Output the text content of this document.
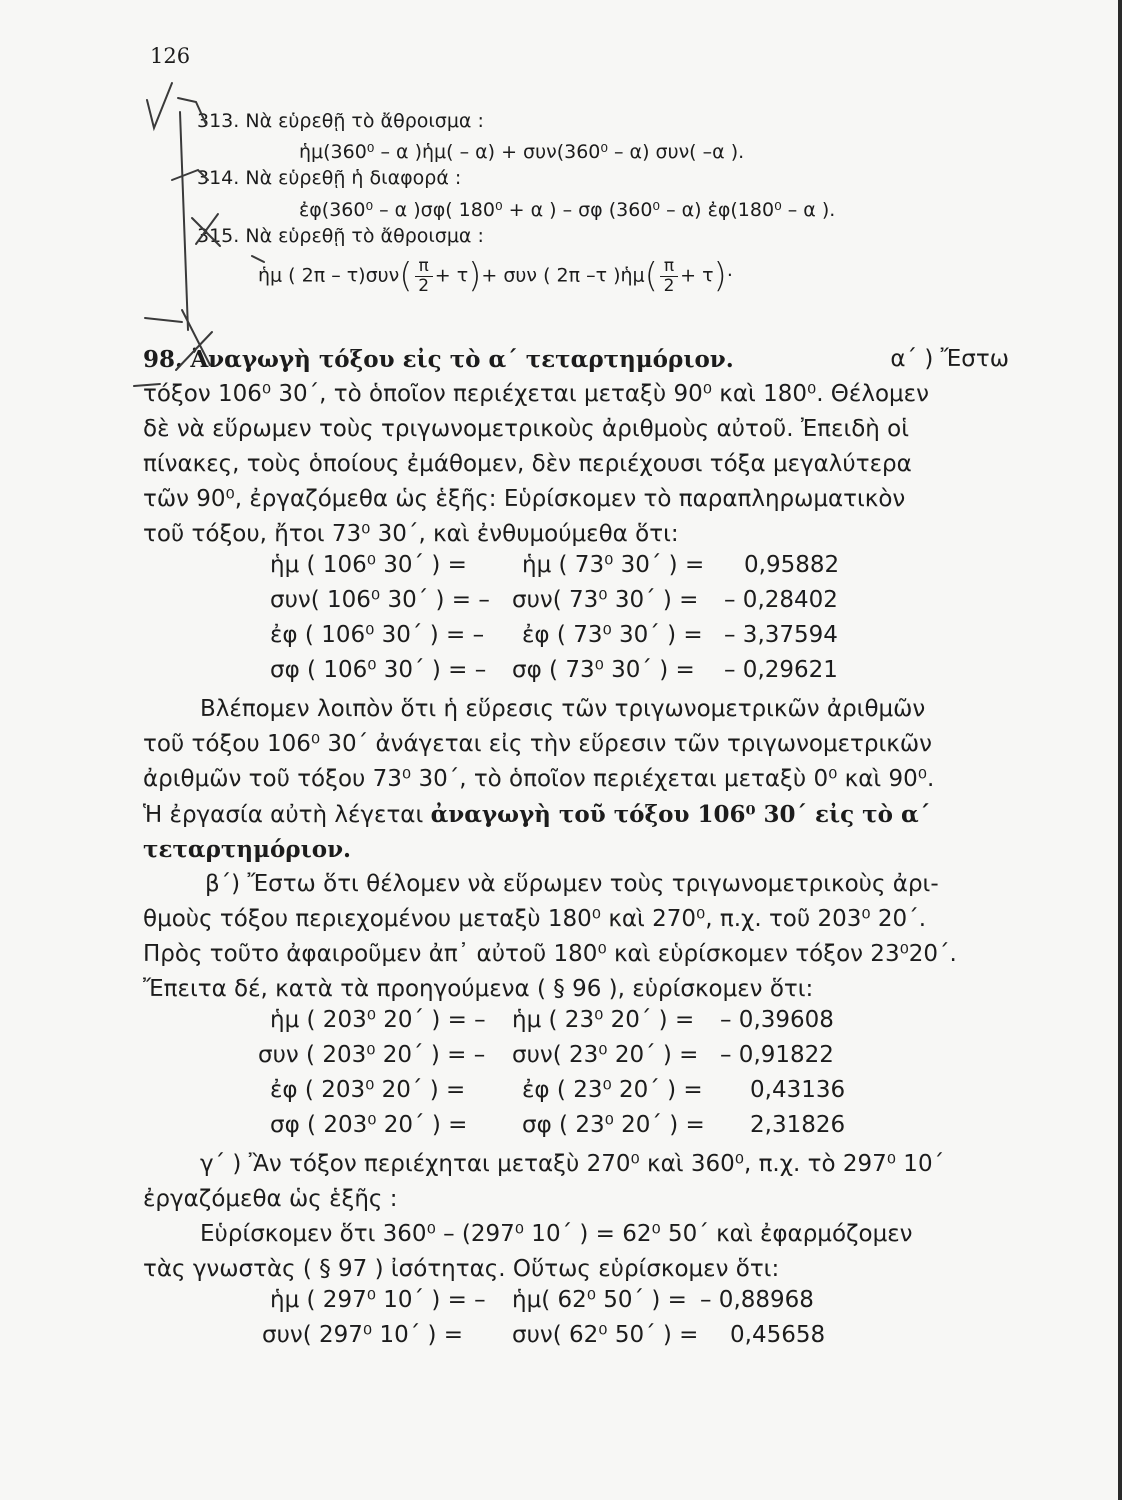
126
313. Νὰ εὑρεθῇ τὸ ἄθροισμα :
ἡμ(360⁰ – α )ἡμ( – α) + συν(360⁰ – α) συν( –α ).
314. Νὰ εὑρεθῇ ἡ διαφορά :
ἐφ(360⁰ – α )σφ( 180⁰ + α ) – σφ (360⁰ – α) ἐφ(180⁰ – α ).
315. Νὰ εὑρεθῇ τὸ ἄθροισμα :
ἡμ ( $2\pi - \tau)\sigma\upsilon\nu( \frac{\pi}{2} + \tau)+ \sigma\upsilon\nu$ ( 2π –τ )ἡμ( $\frac{\pi}{2} + \tau)\cdot$
98. Ἀναγωγὴ τόξου εἰς τὸ α΄ τεταρτημόριον.	α΄ ) Ἔστω
τόξον 106⁰ 30΄, τὸ ὁποῖον περιέχεται μεταξὺ 90⁰ καὶ 180⁰. Θέλομεν
δὲ νὰ εὕρωμεν τοὺς τριγωνομετρικοὺς ἀριθμοὺς αὐτοῦ. Ἐπειδὴ οἱ
πίνακες, τοὺς ὁποίους ἐμάθομεν, δὲν περιέχουσι τόξα μεγαλύτερα
τῶν 90⁰, ἐργαζόμεθα ὡς ἑξῆς: Εὑρίσκομεν τὸ παραπληρωματικὸν
τοῦ τόξου, ἤτοι 73⁰ 30΄, καὶ ἐνθυμούμεθα ὅτι:
ἡμ ( 106⁰ 30΄ ) = ἡμ ( 73⁰ 30΄ ) = 0,95882
συν( 106⁰ 30΄ ) = – συν( 73⁰ 30΄ ) = – 0,28402
ἐφ ( 106⁰ 30΄ ) = – ἐφ ( 73⁰ 30΄ ) = – 3,37594
σφ ( 106⁰ 30΄ ) = – σφ ( 73⁰ 30΄ ) = – 0,29621
Βλέπομεν λοιπὸν ὅτι ἡ εὕρεσις τῶν τριγωνομετρικῶν ἀριθμῶν
τοῦ τόξου 106⁰ 30΄ ἀνάγεται εἰς τὴν εὕρεσιν τῶν τριγωνομετρικῶν
ἀριθμῶν τοῦ τόξου 73⁰ 30΄, τὸ ὁποῖον περιέχεται μεταξὺ 0⁰ καὶ 90⁰.
Ἡ ἐργασία αὐτὴ λέγεται ἀναγωγὴ τοῦ τόξου 106⁰ 30΄ εἰς τὸ α΄
τεταρτημόριον.
β΄) Ἔστω ὅτι θέλομεν νὰ εὕρωμεν τοὺς τριγωνομετρικοὺς ἀρι-
θμοὺς τόξου περιεχομένου μεταξὺ 180⁰ καὶ 270⁰, π.χ. τοῦ 203⁰ 20΄.
Πρὸς τοῦτο ἀφαιροῦμεν ἀπ᾽ αὐτοῦ 180⁰ καὶ εὑρίσκομεν τόξον 23⁰20΄.
Ἔπειτα δέ, κατὰ τὰ προηγούμενα ( § 96 ), εὑρίσκομεν ὅτι:
ἡμ ( 203⁰ 20΄ ) = – ἡμ ( 23⁰ 20΄ ) = – 0,39608
συν ( 203⁰ 20΄ ) = – συν( 23⁰ 20΄ ) = – 0,91822
ἐφ ( 203⁰ 20΄ ) = ἐφ ( 23⁰ 20΄ ) = 0,43136
σφ ( 203⁰ 20΄ ) = σφ ( 23⁰ 20΄ ) = 2,31826
γ΄ ) Ἂν τόξον περιέχηται μεταξὺ 270⁰ καὶ 360⁰, π.χ. τὸ 297⁰ 10΄
ἐργαζόμεθα ὡς ἑξῆς :
Εὑρίσκομεν ὅτι 360⁰ – (297⁰ 10΄ ) = 62⁰ 50΄ καὶ ἐφαρμόζομεν
τὰς γνωστὰς ( § 97 ) ἰσότητας. Οὕτως εὑρίσκομεν ὅτι:
ἡμ ( 297⁰ 10΄ ) = – ἡμ( 62⁰ 50΄ ) = – 0,88968
συν( 297⁰ 10΄ ) = συν( 62⁰ 50΄ ) = 0,45658
